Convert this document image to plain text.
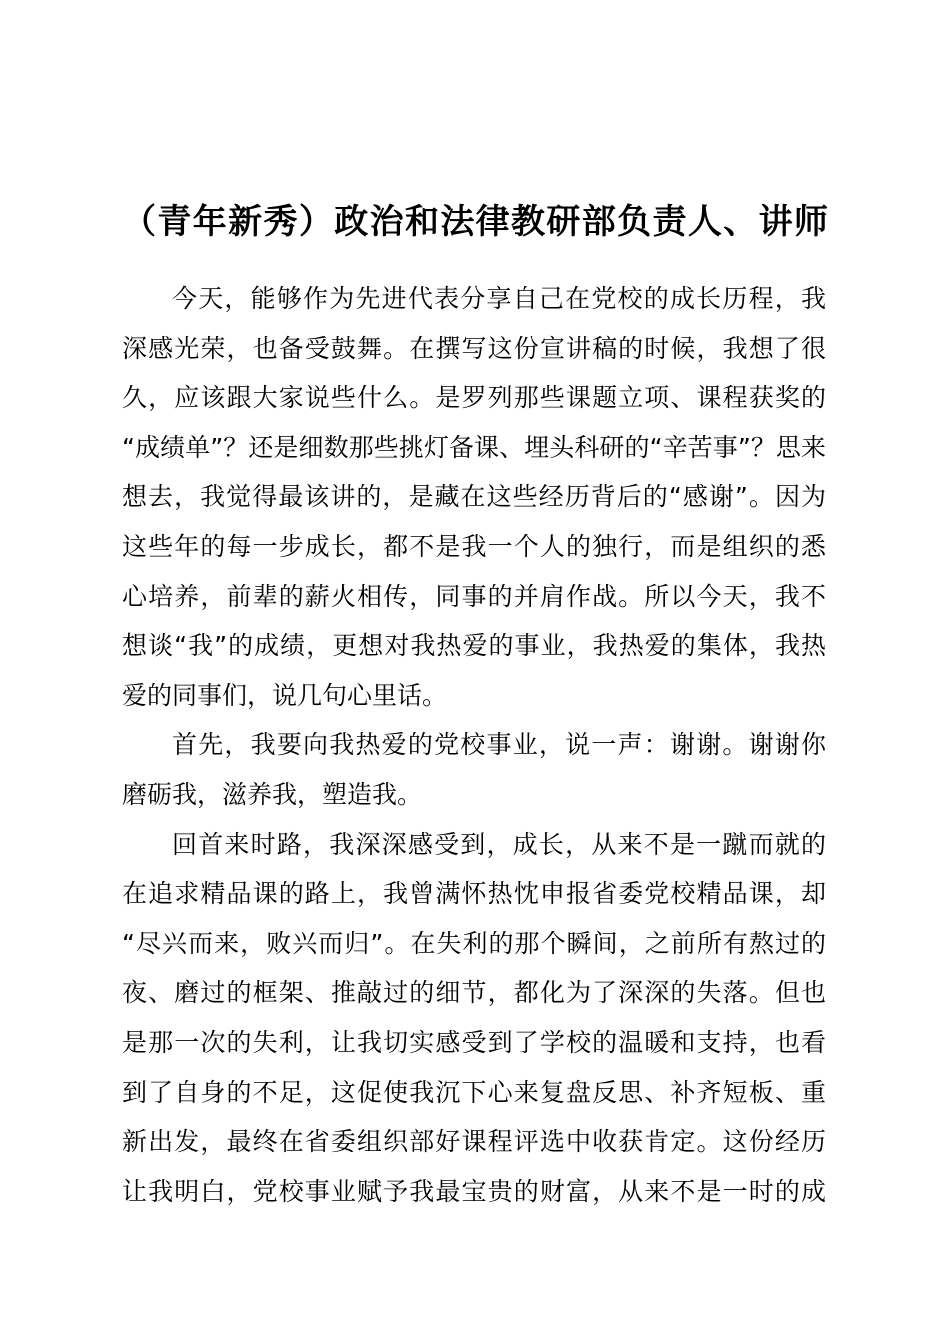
（青年新秀）政治和法律教研部负责人、讲师
今天，能够作为先进代表分享自己在党校的成长历程，我
深感光荣，也备受鼓舞。在撰写这份宣讲稿的时候，我想了很
久，应该跟大家说些什么。是罗列那些课题立项、课程获奖的
“成绩单”？还是细数那些挑灯备课、埋头科研的“辛苦事”？思来
想去，我觉得最该讲的，是藏在这些经历背后的“感谢”。因为
这些年的每一步成长，都不是我一个人的独行，而是组织的悉
心培养，前辈的薪火相传，同事的并肩作战。所以今天，我不
想谈“我”的成绩，更想对我热爱的事业，我热爱的集体，我热
爱的同事们，说几句心里话。
首先，我要向我热爱的党校事业，说一声：谢谢。谢谢你
磨砺我，滋养我，塑造我。
回首来时路，我深深感受到，成长，从来不是一蹴而就的
在追求精品课的路上，我曾满怀热忱申报省委党校精品课，却
“尽兴而来，败兴而归”。在失利的那个瞬间，之前所有熬过的
夜、磨过的框架、推敲过的细节，都化为了深深的失落。但也
是那一次的失利，让我切实感受到了学校的温暖和支持，也看
到了自身的不足，这促使我沉下心来复盘反思、补齐短板、重
新出发，最终在省委组织部好课程评选中收获肯定。这份经历
让我明白，党校事业赋予我最宝贵的财富，从来不是一时的成
